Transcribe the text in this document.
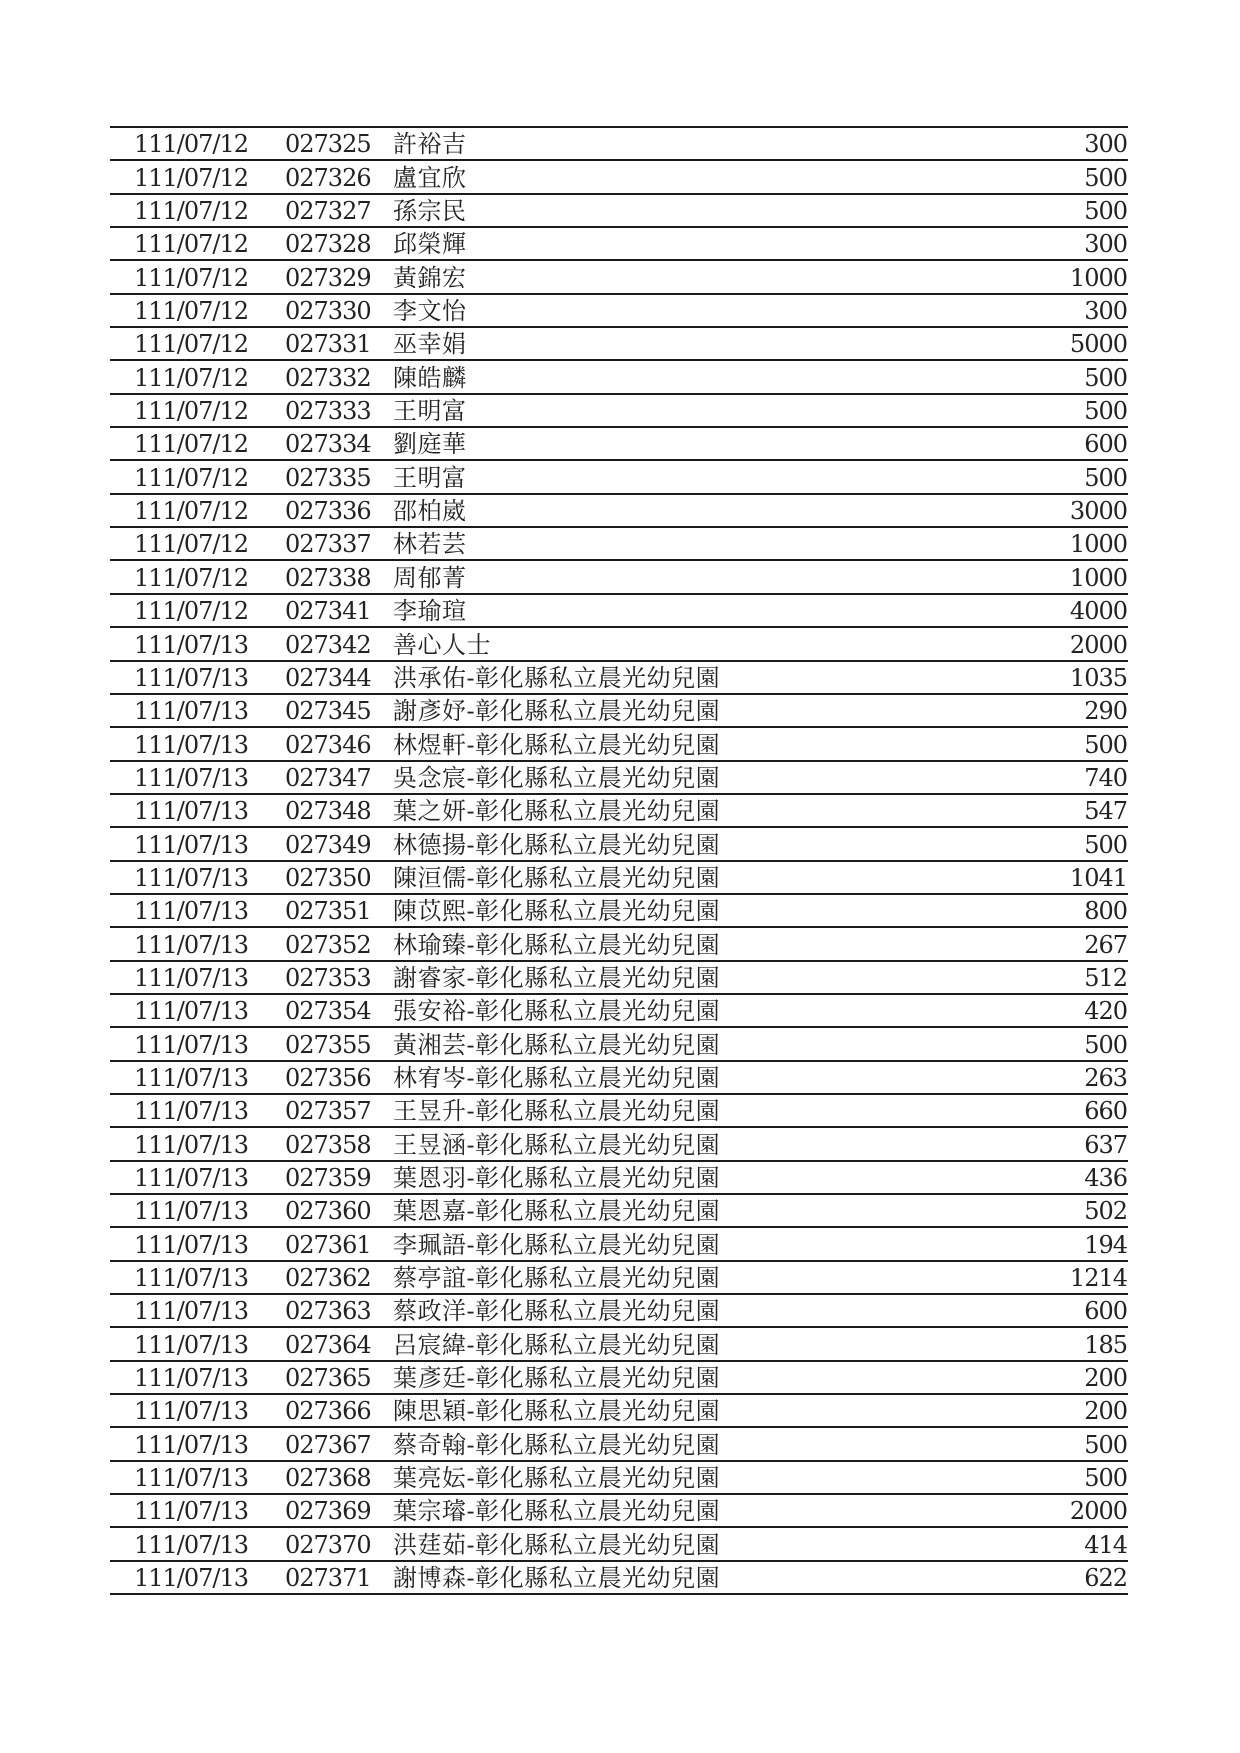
111/07/12 027325 許裕吉	300
111/07/12 027326 盧宜欣	500
111/07/12 027327 孫宗民	500
111/07/12 027328 邱榮輝	300
111/07/12 027329 黃錦宏	1000
111/07/12 027330 李文怡	300
111/07/12 027331 巫幸娟	5000
111/07/12 027332 陳皓麟	500
111/07/12 027333 王明富	500
111/07/12 027334 劉庭華	600
111/07/12 027335 王明富	500
111/07/12 027336 邵柏崴	3000
111/07/12 027337 林若芸	1000
111/07/12 027338 周郁菁	1000
111/07/12 027341 李瑜瑄	4000
111/07/13 027342 善心人士	2000
111/07/13 027344 洪承佑-彰化縣私立晨光幼兒園	1035
111/07/13 027345 謝彥妤-彰化縣私立晨光幼兒園	290
111/07/13 027346 林煜軒-彰化縣私立晨光幼兒園	500
111/07/13 027347 吳念宸-彰化縣私立晨光幼兒園	740
111/07/13 027348 葉之妍-彰化縣私立晨光幼兒園	547
111/07/13 027349 林德揚-彰化縣私立晨光幼兒園	500
111/07/13 027350 陳洹儒-彰化縣私立晨光幼兒園	1041
111/07/13 027351 陳苡熙-彰化縣私立晨光幼兒園	800
111/07/13 027352 林瑜臻-彰化縣私立晨光幼兒園	267
111/07/13 027353 謝睿家-彰化縣私立晨光幼兒園	512
111/07/13 027354 張安裕-彰化縣私立晨光幼兒園	420
111/07/13 027355 黃湘芸-彰化縣私立晨光幼兒園	500
111/07/13 027356 林宥岑-彰化縣私立晨光幼兒園	263
111/07/13 027357 王昱升-彰化縣私立晨光幼兒園	660
111/07/13 027358 王昱涵-彰化縣私立晨光幼兒園	637
111/07/13 027359 葉恩羽-彰化縣私立晨光幼兒園	436
111/07/13 027360 葉恩嘉-彰化縣私立晨光幼兒園	502
111/07/13 027361 李珮語-彰化縣私立晨光幼兒園	194
111/07/13 027362 蔡亭誼-彰化縣私立晨光幼兒園	1214
111/07/13 027363 蔡政洋-彰化縣私立晨光幼兒園	600
111/07/13 027364 呂宸緯-彰化縣私立晨光幼兒園	185
111/07/13 027365 葉彥廷-彰化縣私立晨光幼兒園	200
111/07/13 027366 陳思穎-彰化縣私立晨光幼兒園	200
111/07/13 027367 蔡奇翰-彰化縣私立晨光幼兒園	500
111/07/13 027368 葉亮妘-彰化縣私立晨光幼兒園	500
111/07/13 027369 葉宗璿-彰化縣私立晨光幼兒園	2000
111/07/13 027370 洪莛茹-彰化縣私立晨光幼兒園	414
111/07/13 027371 謝博森-彰化縣私立晨光幼兒園	622
